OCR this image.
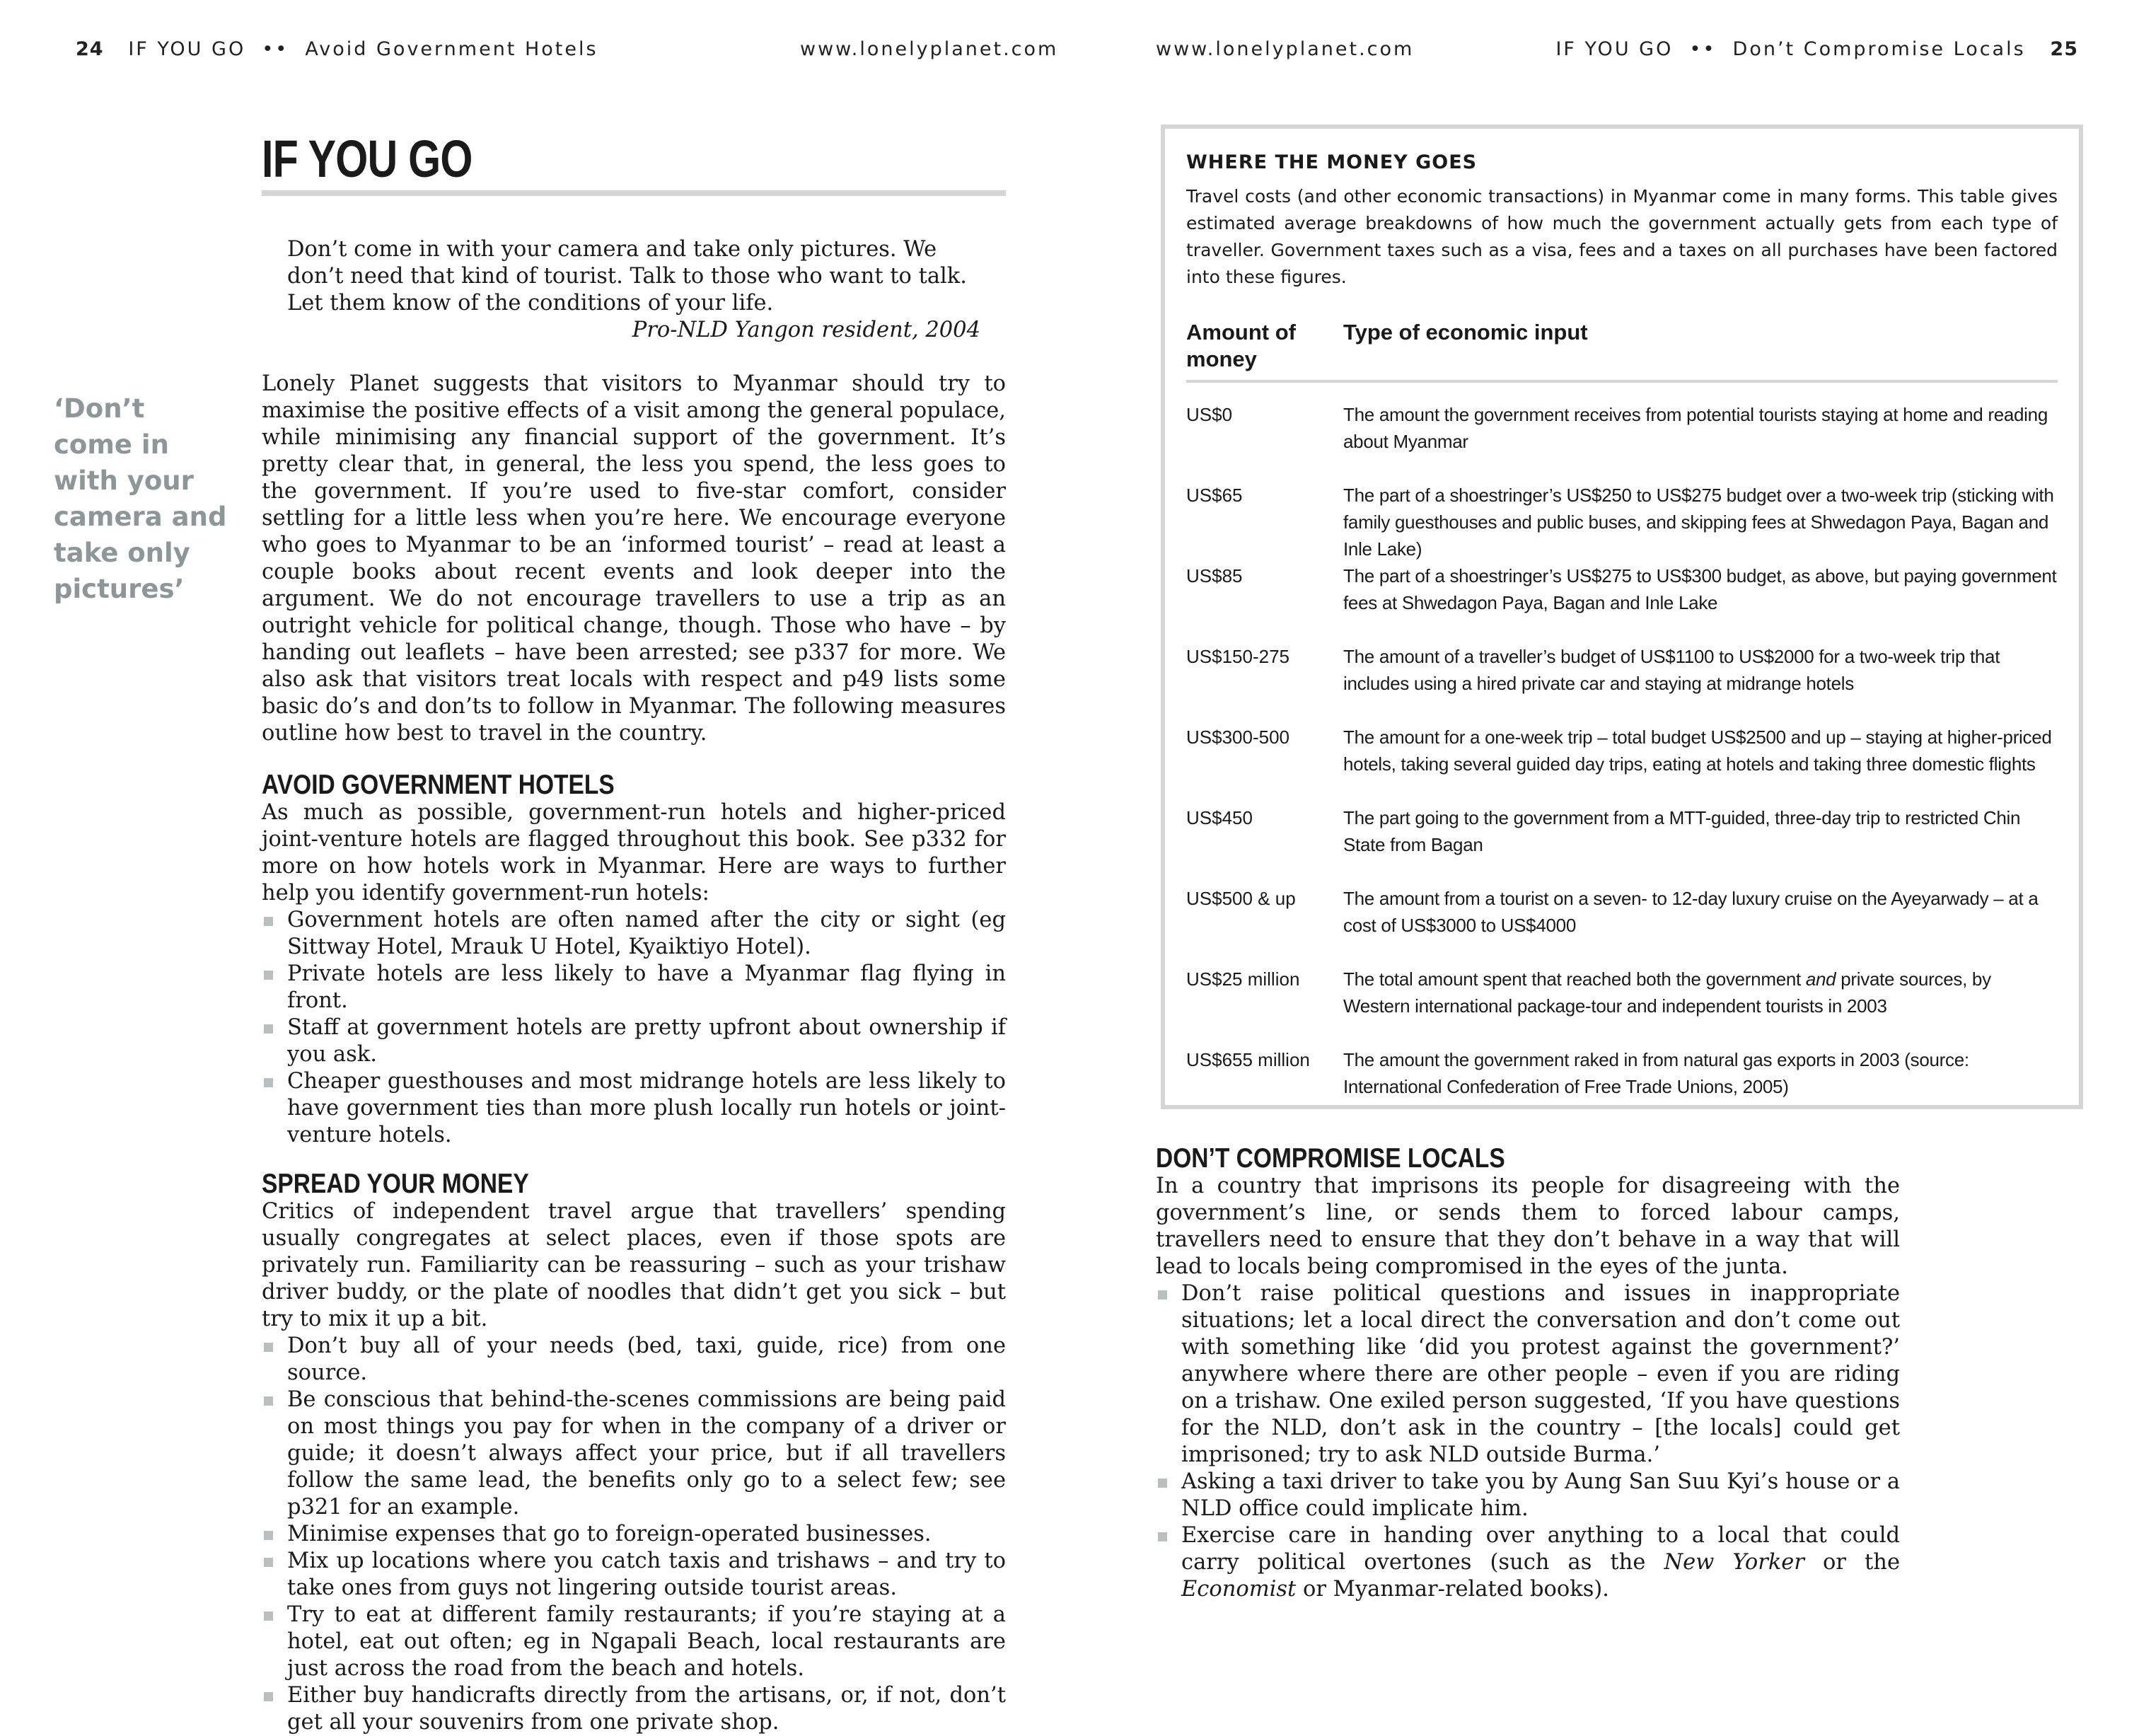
24 IF YOU GO •• Avoid Government Hotels	www.lonelyplanet.com
IF YOU GO

Don’t come in with your camera and take only pictures. We don’t need that kind of tourist. Talk to those who want to talk. Let them know of the conditions of your life.

Pro-NLD Yangon resident, 2004

‘Don’t come in with your camera and take only pictures’

Lonely Planet suggests that visitors to Myanmar should try to maximise the positive effects of a visit among the general populace, while minimising any financial support of the government. It’s pretty clear that, in general, the less you spend, the less goes to the government. If you’re used to five-star comfort, consider settling for a little less when you’re here. We encourage everyone who goes to Myanmar to be an ‘informed tourist’ – read at least a couple books about recent events and look deeper into the argument. We do not encourage travellers to use a trip as an outright vehicle for political change, though. Those who have – by handing out leaflets – have been arrested; see p337 for more. We also ask that visitors treat locals with respect and p49 lists some basic do’s and don’ts to follow in Myanmar. The following measures outline how best to travel in the country.

AVOID GOVERNMENT HOTELS

As much as possible, government-run hotels and higher-priced joint-venture hotels are flagged throughout this book. See p332 for more on how hotels work in Myanmar. Here are ways to further help you identify government-run hotels:

Government hotels are often named after the city or sight (eg Sittway Hotel, Mrauk U Hotel, Kyaiktiyo Hotel).
Private hotels are less likely to have a Myanmar flag flying in front.
Staff at government hotels are pretty upfront about ownership if you ask.
Cheaper guesthouses and most midrange hotels are less likely to have government ties than more plush locally run hotels or joint-venture hotels.
SPREAD YOUR MONEY

Critics of independent travel argue that travellers’ spending usually congregates at select places, even if those spots are privately run. Familiarity can be reassuring – such as your trishaw driver buddy, or the plate of noodles that didn’t get you sick – but try to mix it up a bit.

Don’t buy all of your needs (bed, taxi, guide, rice) from one source.
Be conscious that behind-the-scenes commissions are being paid on most things you pay for when in the company of a driver or guide; it doesn’t always affect your price, but if all travellers follow the same lead, the benefits only go to a select few; see p321 for an example.
Minimise expenses that go to foreign-operated businesses.
Mix up locations where you catch taxis and trishaws – and try to take ones from guys not lingering outside tourist areas.
Try to eat at different family restaurants; if you’re staying at a hotel, eat out often; eg in Ngapali Beach, local restaurants are just across the road from the beach and hotels.
Either buy handicrafts directly from the artisans, or, if not, don’t get all your souvenirs from one private shop.
www.lonelyplanet.com	IF YOU GO •• Don’t Compromise Locals 25
WHERE THE MONEY GOES

Travel costs (and other economic transactions) in Myanmar come in many forms. This table gives estimated average breakdowns of how much the government actually gets from each type of traveller. Government taxes such as a visa, fees and a taxes on all purchases have been factored into these figures.

Amount of money
Type of economic input
US$0	The amount the government receives from potential tourists staying at home and reading about Myanmar
US$65	The part of a shoestringer’s US$250 to US$275 budget over a two-week trip (sticking with family guesthouses and public buses, and skipping fees at Shwedagon Paya, Bagan and Inle Lake)
US$85	The part of a shoestringer’s US$275 to US$300 budget, as above, but paying government fees at Shwedagon Paya, Bagan and Inle Lake
US$150-275	The amount of a traveller’s budget of US$1100 to US$2000 for a two-week trip that includes using a hired private car and staying at midrange hotels
US$300-500	The amount for a one-week trip – total budget US$2500 and up – staying at higher-priced hotels, taking several guided day trips, eating at hotels and taking three domestic flights
US$450	The part going to the government from a MTT-guided, three-day trip to restricted Chin State from Bagan
US$500 & up	The amount from a tourist on a seven- to 12-day luxury cruise on the Ayeyarwady – at a cost of US$3000 to US$4000
US$25 million	The total amount spent that reached both the government and private sources, by Western international package-tour and independent tourists in 2003
US$655 million	The amount the government raked in from natural gas exports in 2003 (source: International Confederation of Free Trade Unions, 2005)
DON’T COMPROMISE LOCALS

In a country that imprisons its people for disagreeing with the government’s line, or sends them to forced labour camps, travellers need to ensure that they don’t behave in a way that will lead to locals being compromised in the eyes of the junta.

Don’t raise political questions and issues in inappropriate situations; let a local direct the conversation and don’t come out with something like ‘did you protest against the government?’ anywhere where there are other people – even if you are riding on a trishaw. One exiled person suggested, ‘If you have questions for the NLD, don’t ask in the country – [the locals] could get imprisoned; try to ask NLD outside Burma.’
Asking a taxi driver to take you by Aung San Suu Kyi’s house or a NLD office could implicate him.
Exercise care in handing over anything to a local that could carry political overtones (such as the New Yorker or the Economist or Myanmar-related books).
